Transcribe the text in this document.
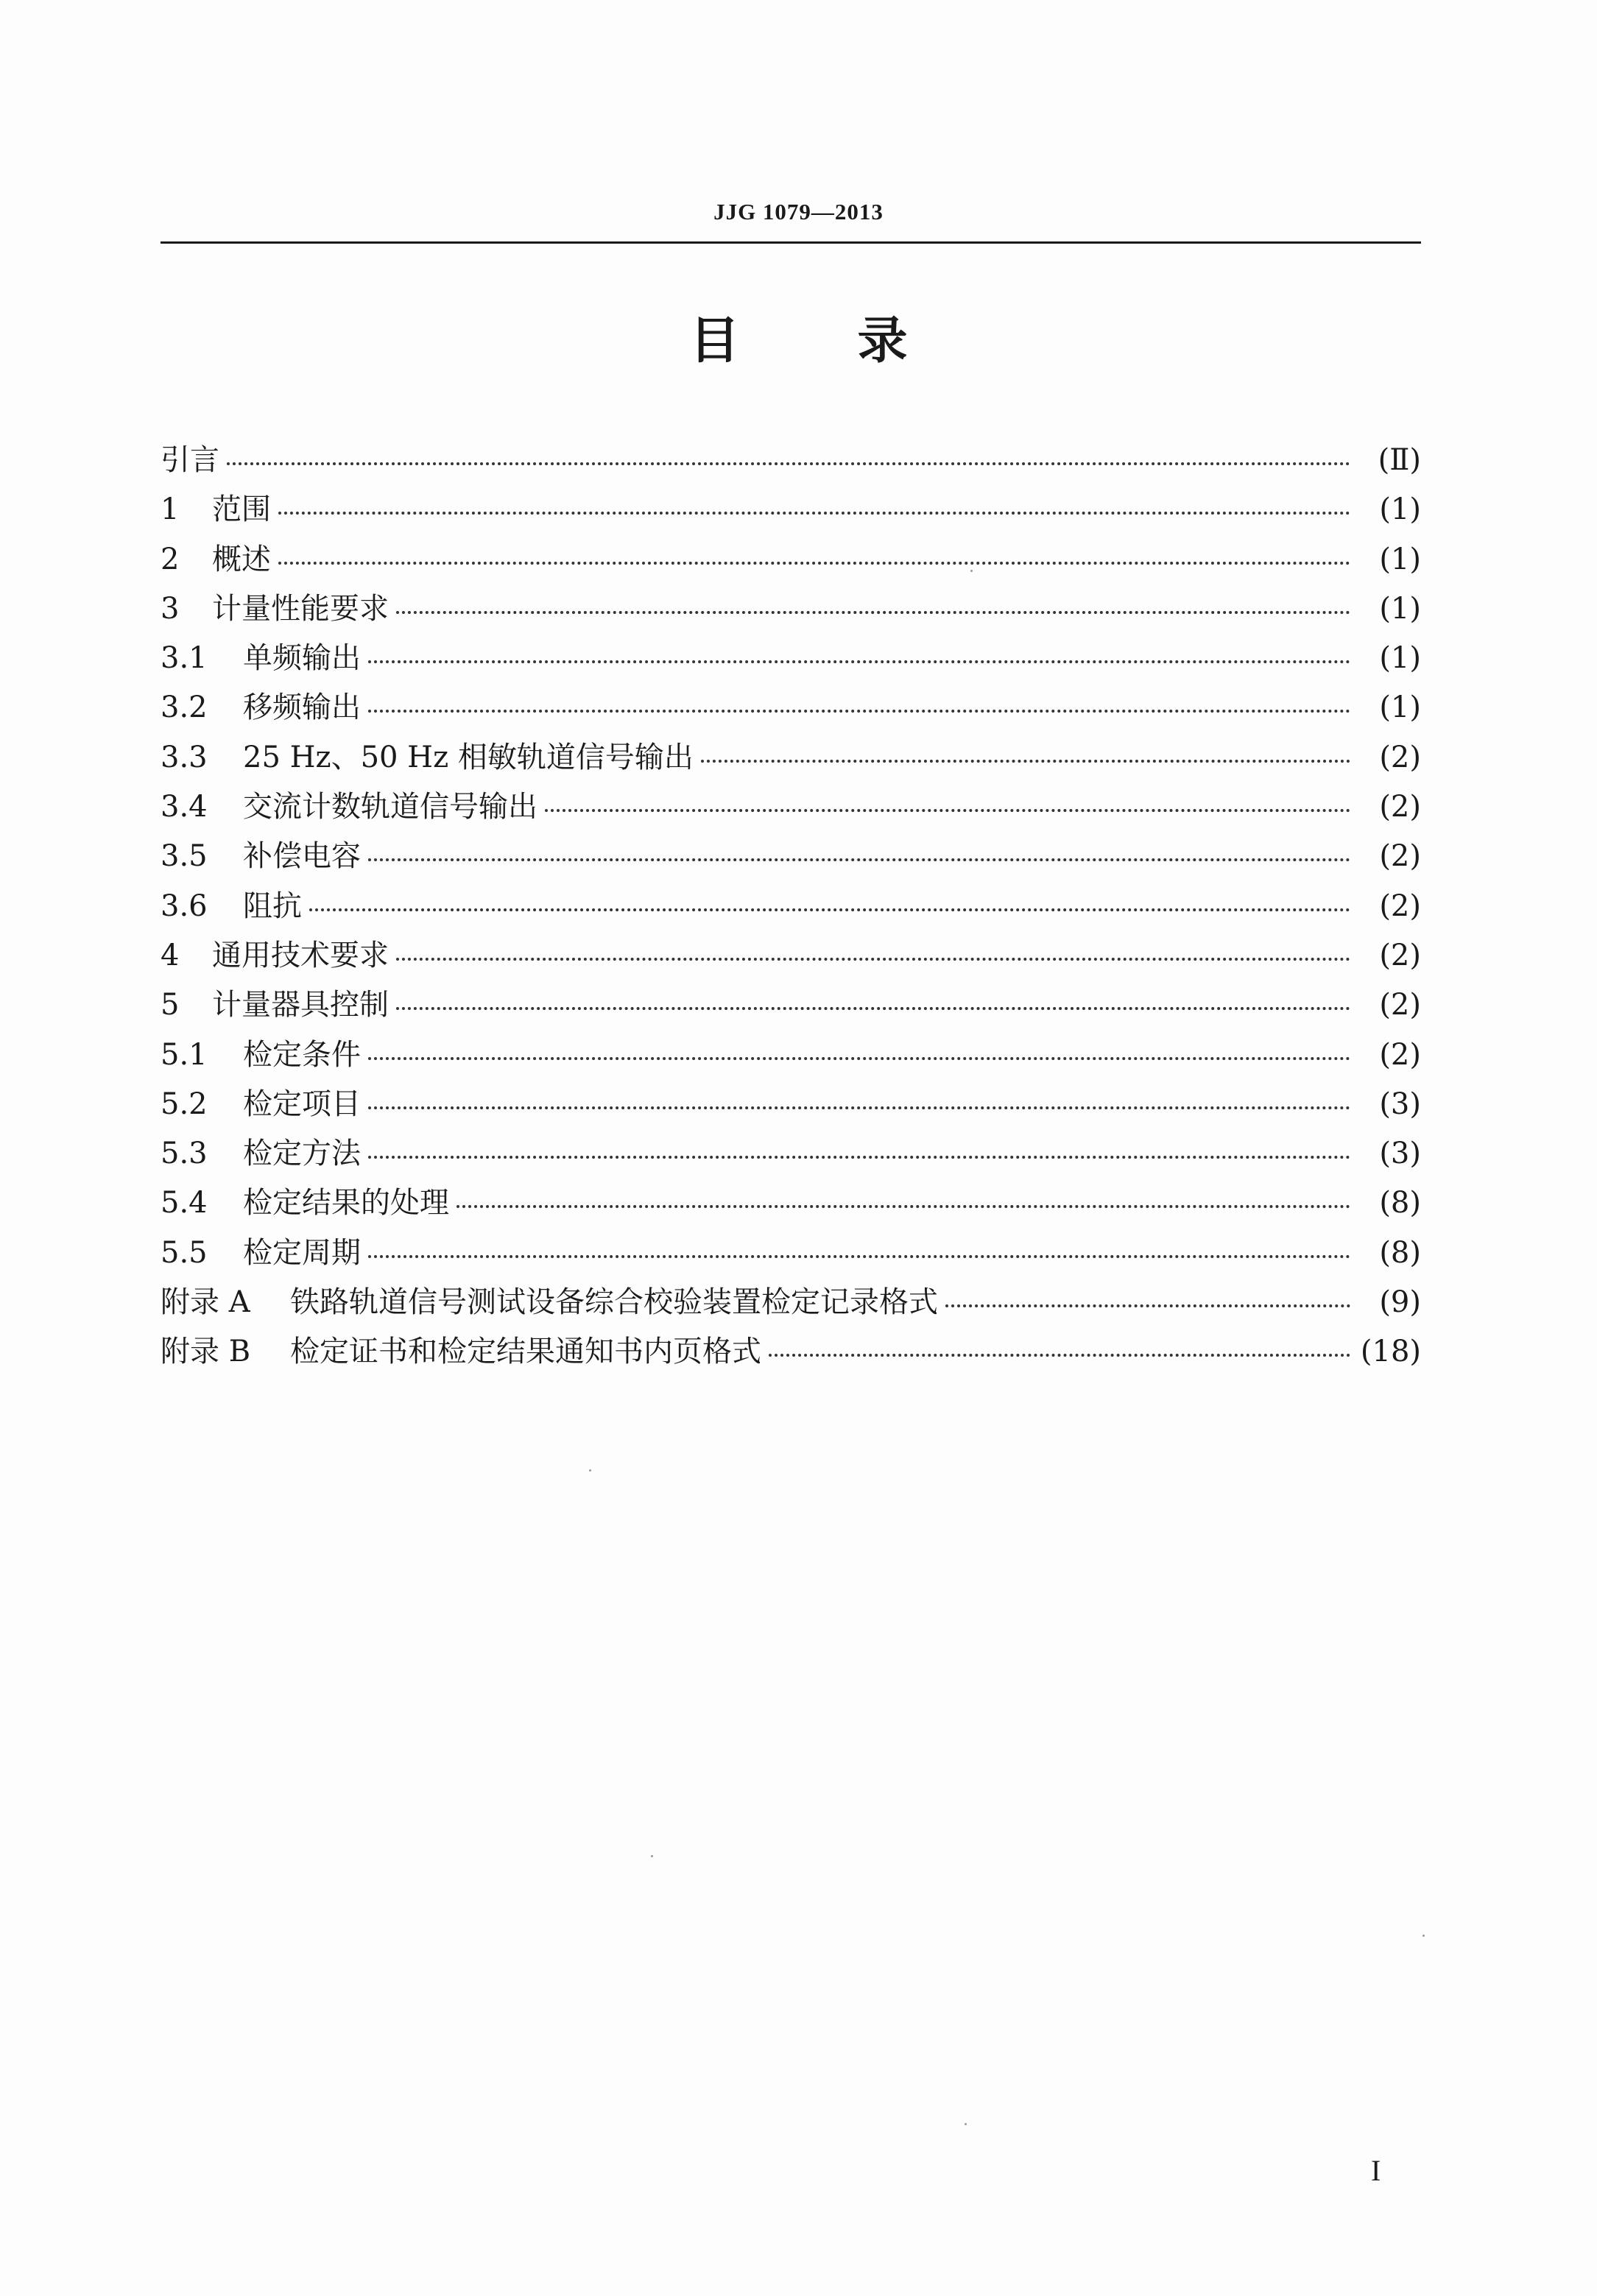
JJG 1079—2013
目 录
引言	(Ⅱ)
1	范围	(1)
2	概述	(1)
3	计量性能要求	(1)
3.1	单频输出	(1)
3.2	移频输出	(1)
3.3	25 Hz、50 Hz 相敏轨道信号输出	(2)
3.4	交流计数轨道信号输出	(2)
3.5	补偿电容	(2)
3.6	阻抗	(2)
4	通用技术要求	(2)
5	计量器具控制	(2)
5.1	检定条件	(2)
5.2	检定项目	(3)
5.3	检定方法	(3)
5.4	检定结果的处理	(8)
5.5	检定周期	(8)
附录 A	铁路轨道信号测试设备综合校验装置检定记录格式	(9)
附录 B	检定证书和检定结果通知书内页格式	(18)
I
